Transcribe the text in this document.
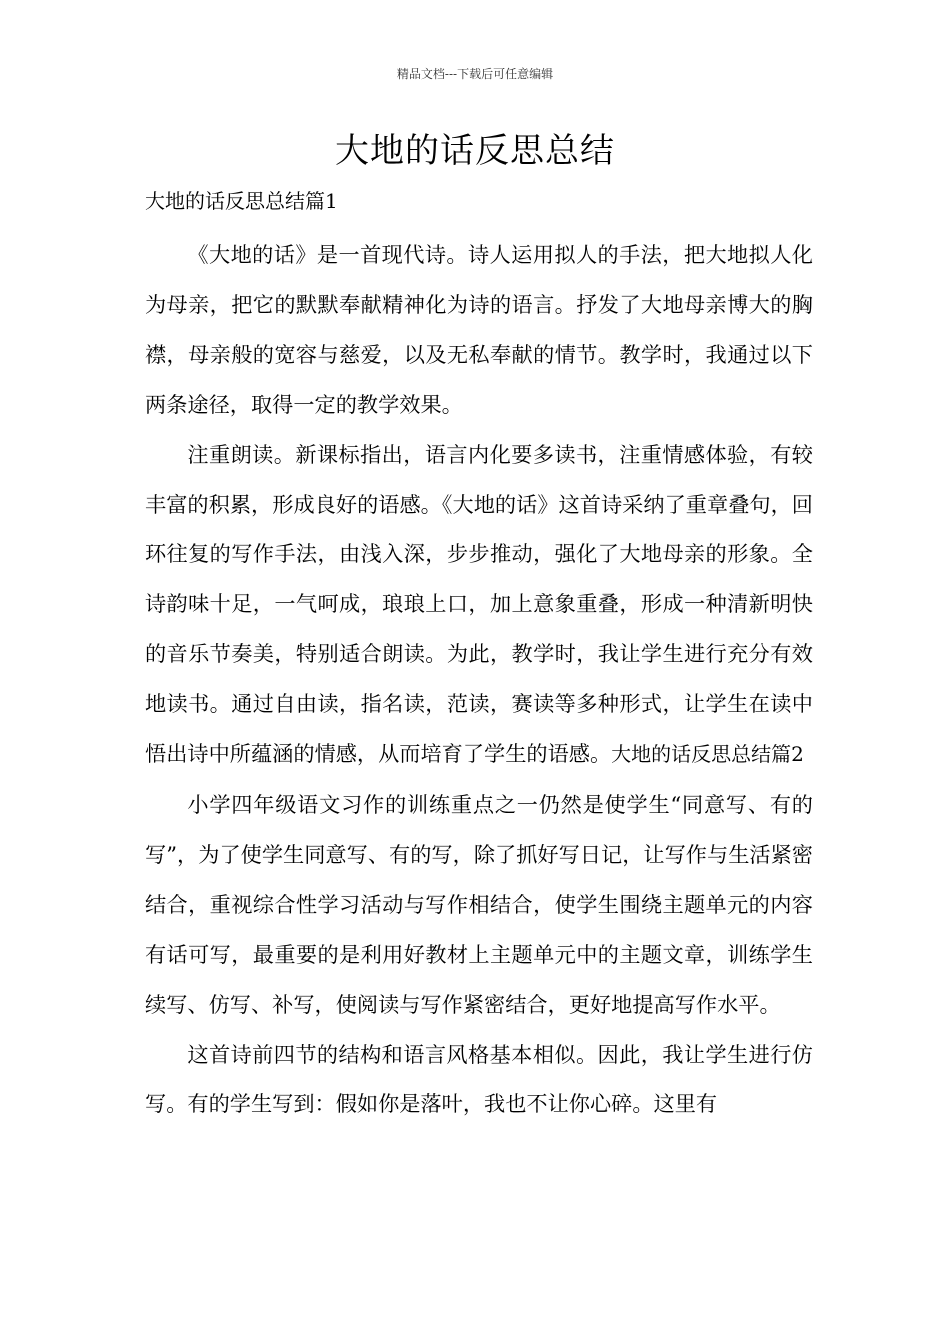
精品文档---下载后可任意编辑
大地的话反思总结
大地的话反思总结篇1

《大地的话》是一首现代诗。诗人运用拟人的手法，把大地拟人化为母亲，把它的默默奉献精神化为诗的语言。抒发了大地母亲博大的胸襟，母亲般的宽容与慈爱，以及无私奉献的情节。教学时，我通过以下两条途径，取得一定的教学效果。

注重朗读。新课标指出，语言内化要多读书，注重情感体验，有较丰富的积累，形成良好的语感。《大地的话》这首诗采纳了重章叠句，回环往复的写作手法，由浅入深，步步推动，强化了大地母亲的形象。全诗韵味十足，一气呵成，琅琅上口，加上意象重叠，形成一种清新明快的音乐节奏美，特别适合朗读。为此，教学时，我让学生进行充分有效地读书。通过自由读，指名读，范读，赛读等多种形式，让学生在读中悟出诗中所蕴涵的情感，从而培育了学生的语感。大地的话反思总结篇2

小学四年级语文习作的训练重点之一仍然是使学生“同意写、有的写”，为了使学生同意写、有的写，除了抓好写日记，让写作与生活紧密结合，重视综合性学习活动与写作相结合，使学生围绕主题单元的内容有话可写，最重要的是利用好教材上主题单元中的主题文章，训练学生续写、仿写、补写，使阅读与写作紧密结合，更好地提高写作水平。

这首诗前四节的结构和语言风格基本相似。因此，我让学生进行仿写。有的学生写到：假如你是落叶，我也不让你心碎。这里有
